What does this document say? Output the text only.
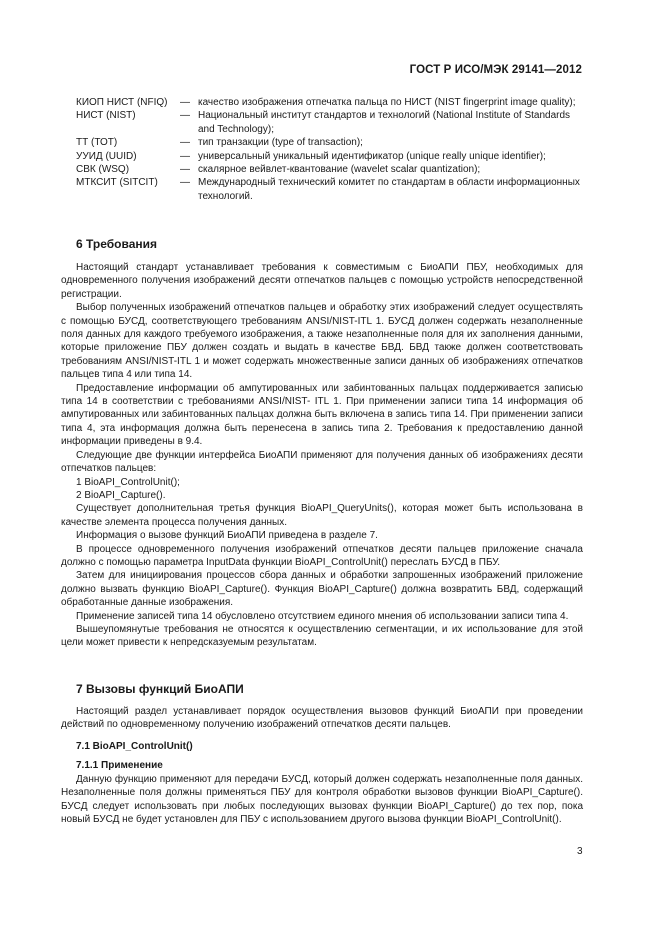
ГОСТ Р ИСО/МЭК 29141—2012
КИОП НИСТ (NFIQ)	— качество изображения отпечатка пальца по НИСТ (NIST fingerprint image quality);
НИСТ (NIST)	— Национальный институт стандартов и технологий (National Institute of Standards and Technology);
ТТ (ТОТ)	— тип транзакции (type of transaction);
УУИД (UUID)	— универсальный уникальный идентификатор (unique really unique identifier);
СВК (WSQ)	— скалярное вейвлет-квантование (wavelet scalar quantization);
МТКСИТ (SITCIT)	— Международный технический комитет по стандартам в области информационных технологий.
6 Требования

Настоящий стандарт устанавливает требования к совместимым с БиоАПИ ПБУ, необходимых для одновременного получения изображений десяти отпечатков пальцев с помощью устройств непосредственной регистрации.

Выбор полученных изображений отпечатков пальцев и обработку этих изображений следует осуществлять с помощью БУСД, соответствующего требованиям ANSI/NIST-ITL 1. БУСД должен содержать незаполненные поля данных для каждого требуемого изображения, а также незаполненные поля для их заполнения данными, которые приложение ПБУ должен создать и выдать в качестве БВД. БВД также должен соответствовать требованиям ANSI/NIST-ITL 1 и может содержать множественные записи данных об изображениях отпечатков пальцев типа 4 или типа 14.

Предоставление информации об ампутированных или забинтованных пальцах поддерживается записью типа 14 в соответствии с требованиями ANSI/NIST- ITL 1. При применении записи типа 14 информация об ампутированных или забинтованных пальцах должна быть включена в запись типа 14. При применении записи типа 4, эта информация должна быть перенесена в запись типа 2. Требования к предоставлению данной информации приведены в 9.4.

Следующие две функции интерфейса БиоАПИ применяют для получения данных об изображениях десяти отпечатков пальцев:

1 BioAPI_ControlUnit();

2 BioAPI_Capture().

Существует дополнительная третья функция BioAPI_QueryUnits(), которая может быть использована в качестве элемента процесса получения данных.

Информация о вызове функций БиоАПИ приведена в разделе 7.

В процессе одновременного получения изображений отпечатков десяти пальцев приложение сначала должно с помощью параметра InputData функции BioAPI_ControlUnit() переслать БУСД в ПБУ.

Затем для инициирования процессов сбора данных и обработки запрошенных изображений приложение должно вызвать функцию BioAPI_Capture(). Функция BioAPI_Capture() должна возвратить БВД, содержащий обработанные данные изображения.

Применение записей типа 14 обусловлено отсутствием единого мнения об использовании записи типа 4.

Вышеупомянутые требования не относятся к осуществлению сегментации, и их использование для этой цели может привести к непредсказуемым результатам.

7 Вызовы функций БиоАПИ

Настоящий раздел устанавливает порядок осуществления вызовов функций БиоАПИ при проведении действий по одновременному получению изображений отпечатков десяти пальцев.

7.1 BioAPI_ControlUnit()
7.1.1 Применение

Данную функцию применяют для передачи БУСД, который должен содержать незаполненные поля данных. Незаполненные поля должны применяться ПБУ для контроля обработки вызовов функции BioAPI_Capture(). БУСД следует использовать при любых последующих вызовах функции BioAPI_Capture() до тех пор, пока новый БУСД не будет установлен для ПБУ с использованием другого вызова функции BioAPI_ControlUnit().

3
